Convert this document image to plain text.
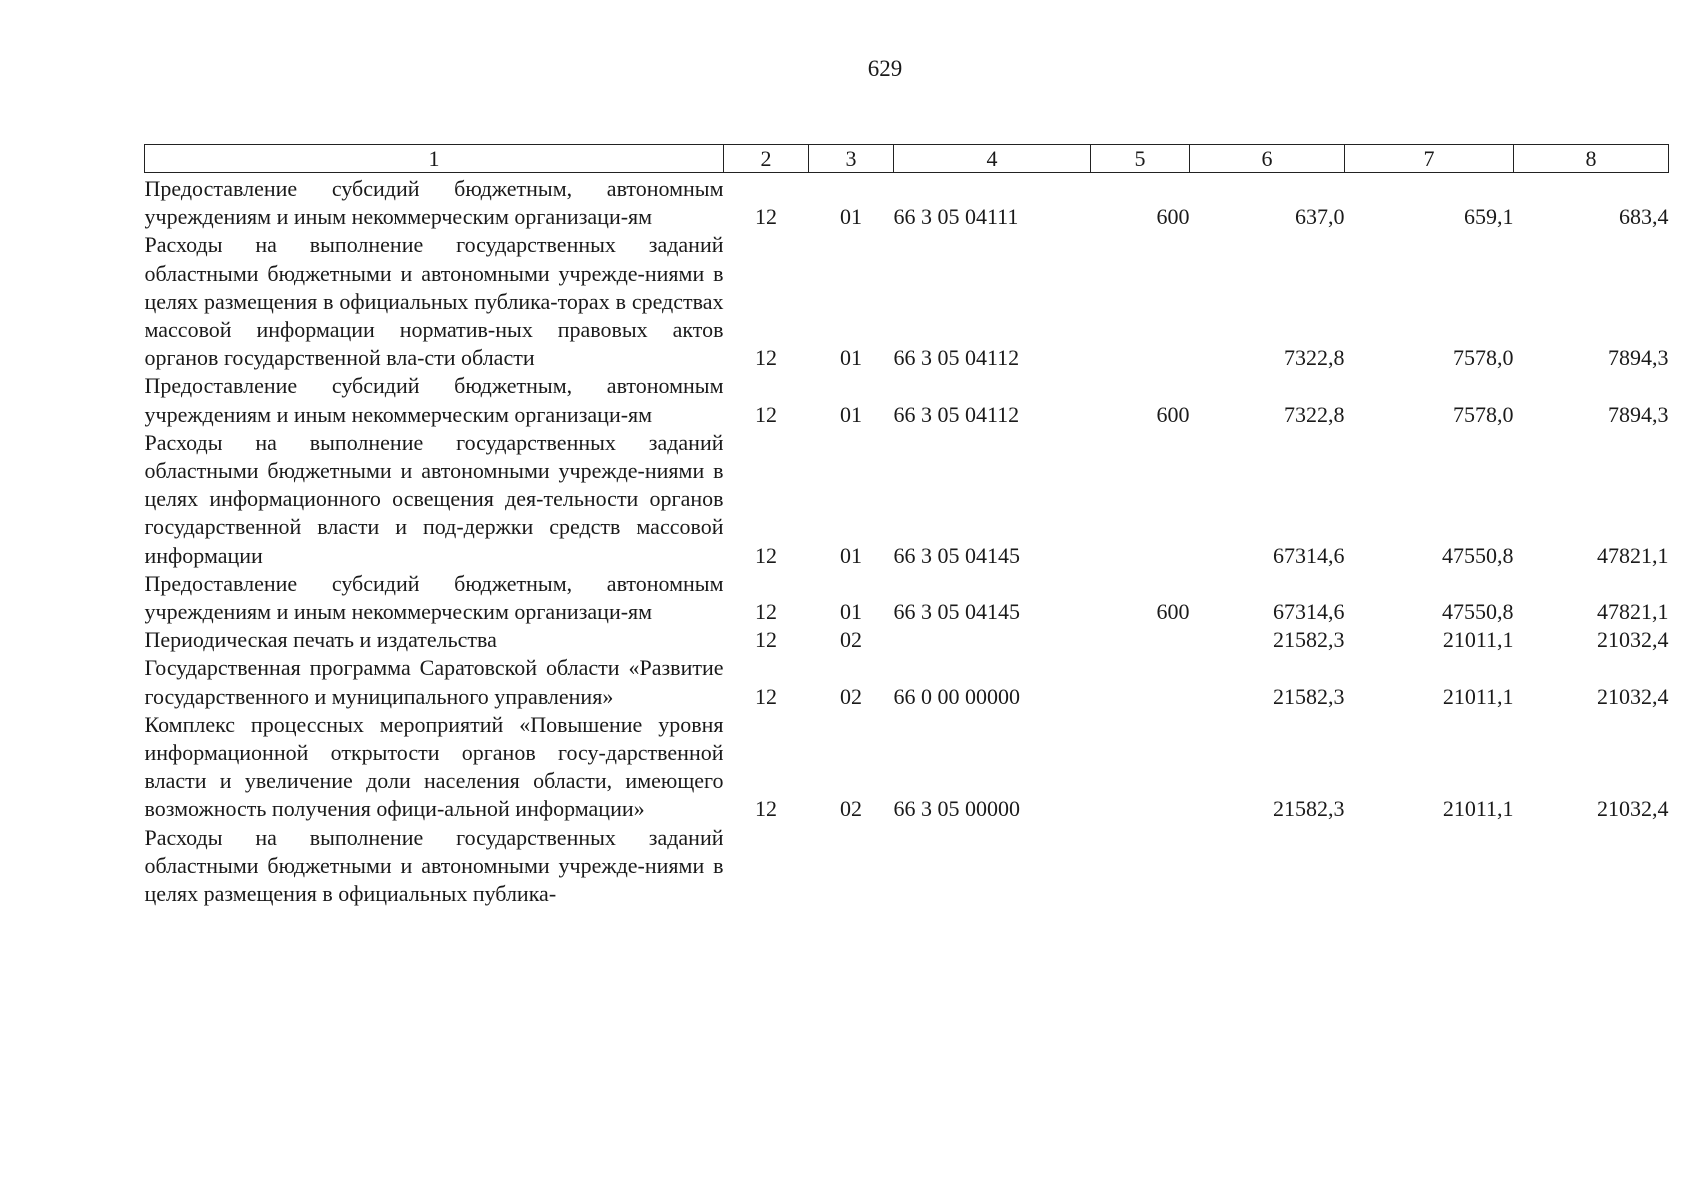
629
1	2	3	4	5	6	7	8
Предоставление субсидий бюджетным, автономным учреждениям и иным некоммерческим организаци-ям	12	01	66 3 05 04111	600	637,0	659,1	683,4
Расходы на выполнение государственных заданий областными бюджетными и автономными учрежде-ниями в целях размещения в официальных публика-торах в средствах массовой информации норматив-ных правовых актов органов государственной вла-сти области	12	01	66 3 05 04112		7322,8	7578,0	7894,3
Предоставление субсидий бюджетным, автономным учреждениям и иным некоммерческим организаци-ям	12	01	66 3 05 04112	600	7322,8	7578,0	7894,3
Расходы на выполнение государственных заданий областными бюджетными и автономными учрежде-ниями в целях информационного освещения дея-тельности органов государственной власти и под-держки средств массовой информации	12	01	66 3 05 04145		67314,6	47550,8	47821,1
Предоставление субсидий бюджетным, автономным учреждениям и иным некоммерческим организаци-ям	12	01	66 3 05 04145	600	67314,6	47550,8	47821,1
Периодическая печать и издательства	12	02			21582,3	21011,1	21032,4
Государственная программа Саратовской области «Развитие государственного и муниципального управления»	12	02	66 0 00 00000		21582,3	21011,1	21032,4
Комплекс процессных мероприятий «Повышение уровня информационной открытости органов госу-дарственной власти и увеличение доли населения области, имеющего возможность получения офици-альной информации»	12	02	66 3 05 00000		21582,3	21011,1	21032,4
Расходы на выполнение государственных заданий областными бюджетными и автономными учрежде-ниями в целях размещения в официальных публика-							
